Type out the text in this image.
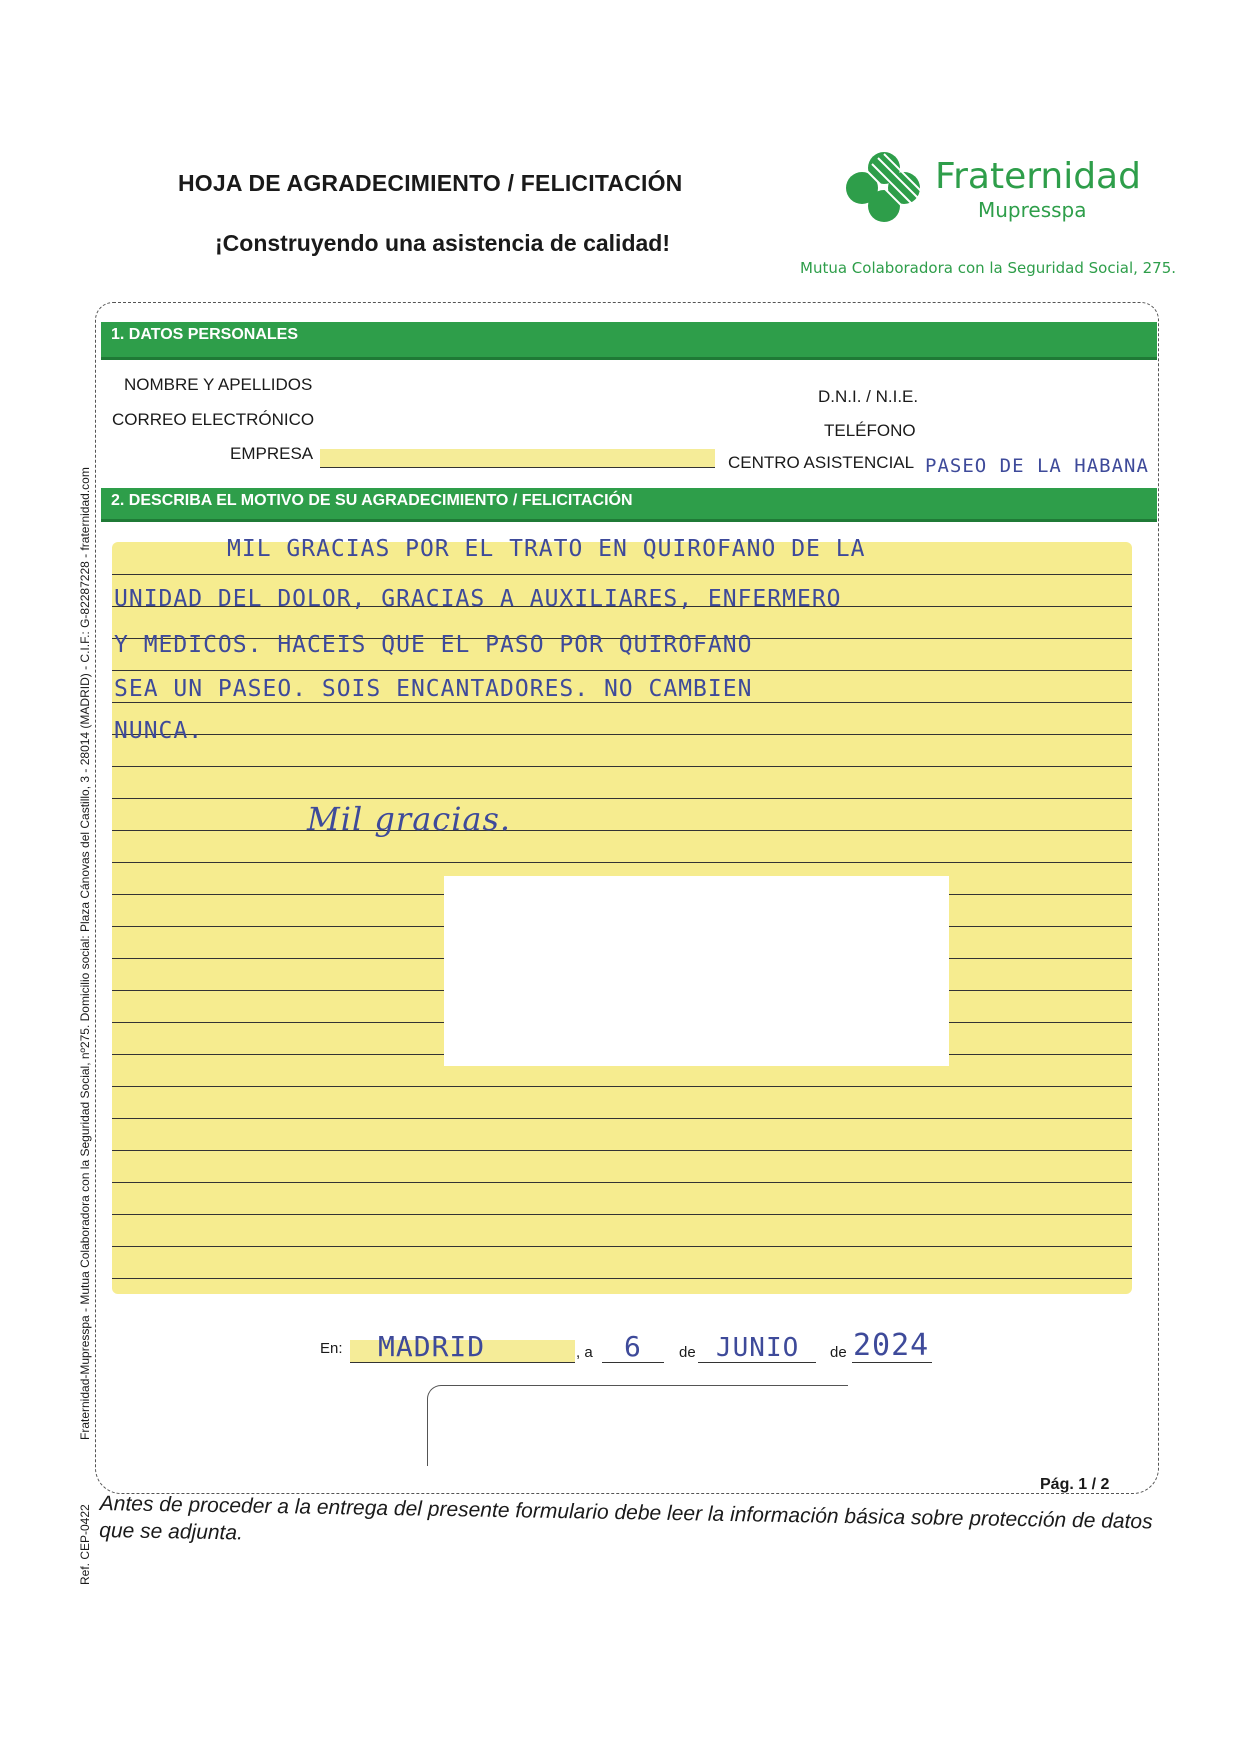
HOJA DE AGRADECIMIENTO / FELICITACIÓN
¡Construyendo una asistencia de calidad!
Fraternidad
Mupresspa
Mutua Colaboradora con la Seguridad Social, 275.
Fraternidad-Mupresspa - Mutua Colaboradora con la Seguridad Social, nº275. Domicilio social: Plaza Cánovas del Castillo, 3 - 28014 (MADRID) - C.I.F.: G-82287228 - fraternidad.com
Ref. CEP-0422
1. DATOS PERSONALES
NOMBRE Y APELLIDOS
CORREO ELECTRÓNICO
EMPRESA
D.N.I. / N.I.E.
TELÉFONO
CENTRO ASISTENCIAL PASEO DE LA HABANA
2. DESCRIBA EL MOTIVO DE SU AGRADECIMIENTO / FELICITACIÓN
MIL GRACIAS POR EL TRATO EN QUIROFANO DE LA
UNIDAD DEL DOLOR, GRACIAS A AUXILIARES, ENFERMERO
Y MEDICOS. HACEIS QUE EL PASO POR QUIROFANO
SEA UN PASEO. SOIS ENCANTADORES. NO CAMBIEN
NUNCA.
Mil gracias.
En: MADRID	, a 6 de JUNIO de 2024
Pág. 1 / 2
Antes de proceder a la entrega del presente formulario debe leer la información básica sobre protección de datos que se adjunta.
